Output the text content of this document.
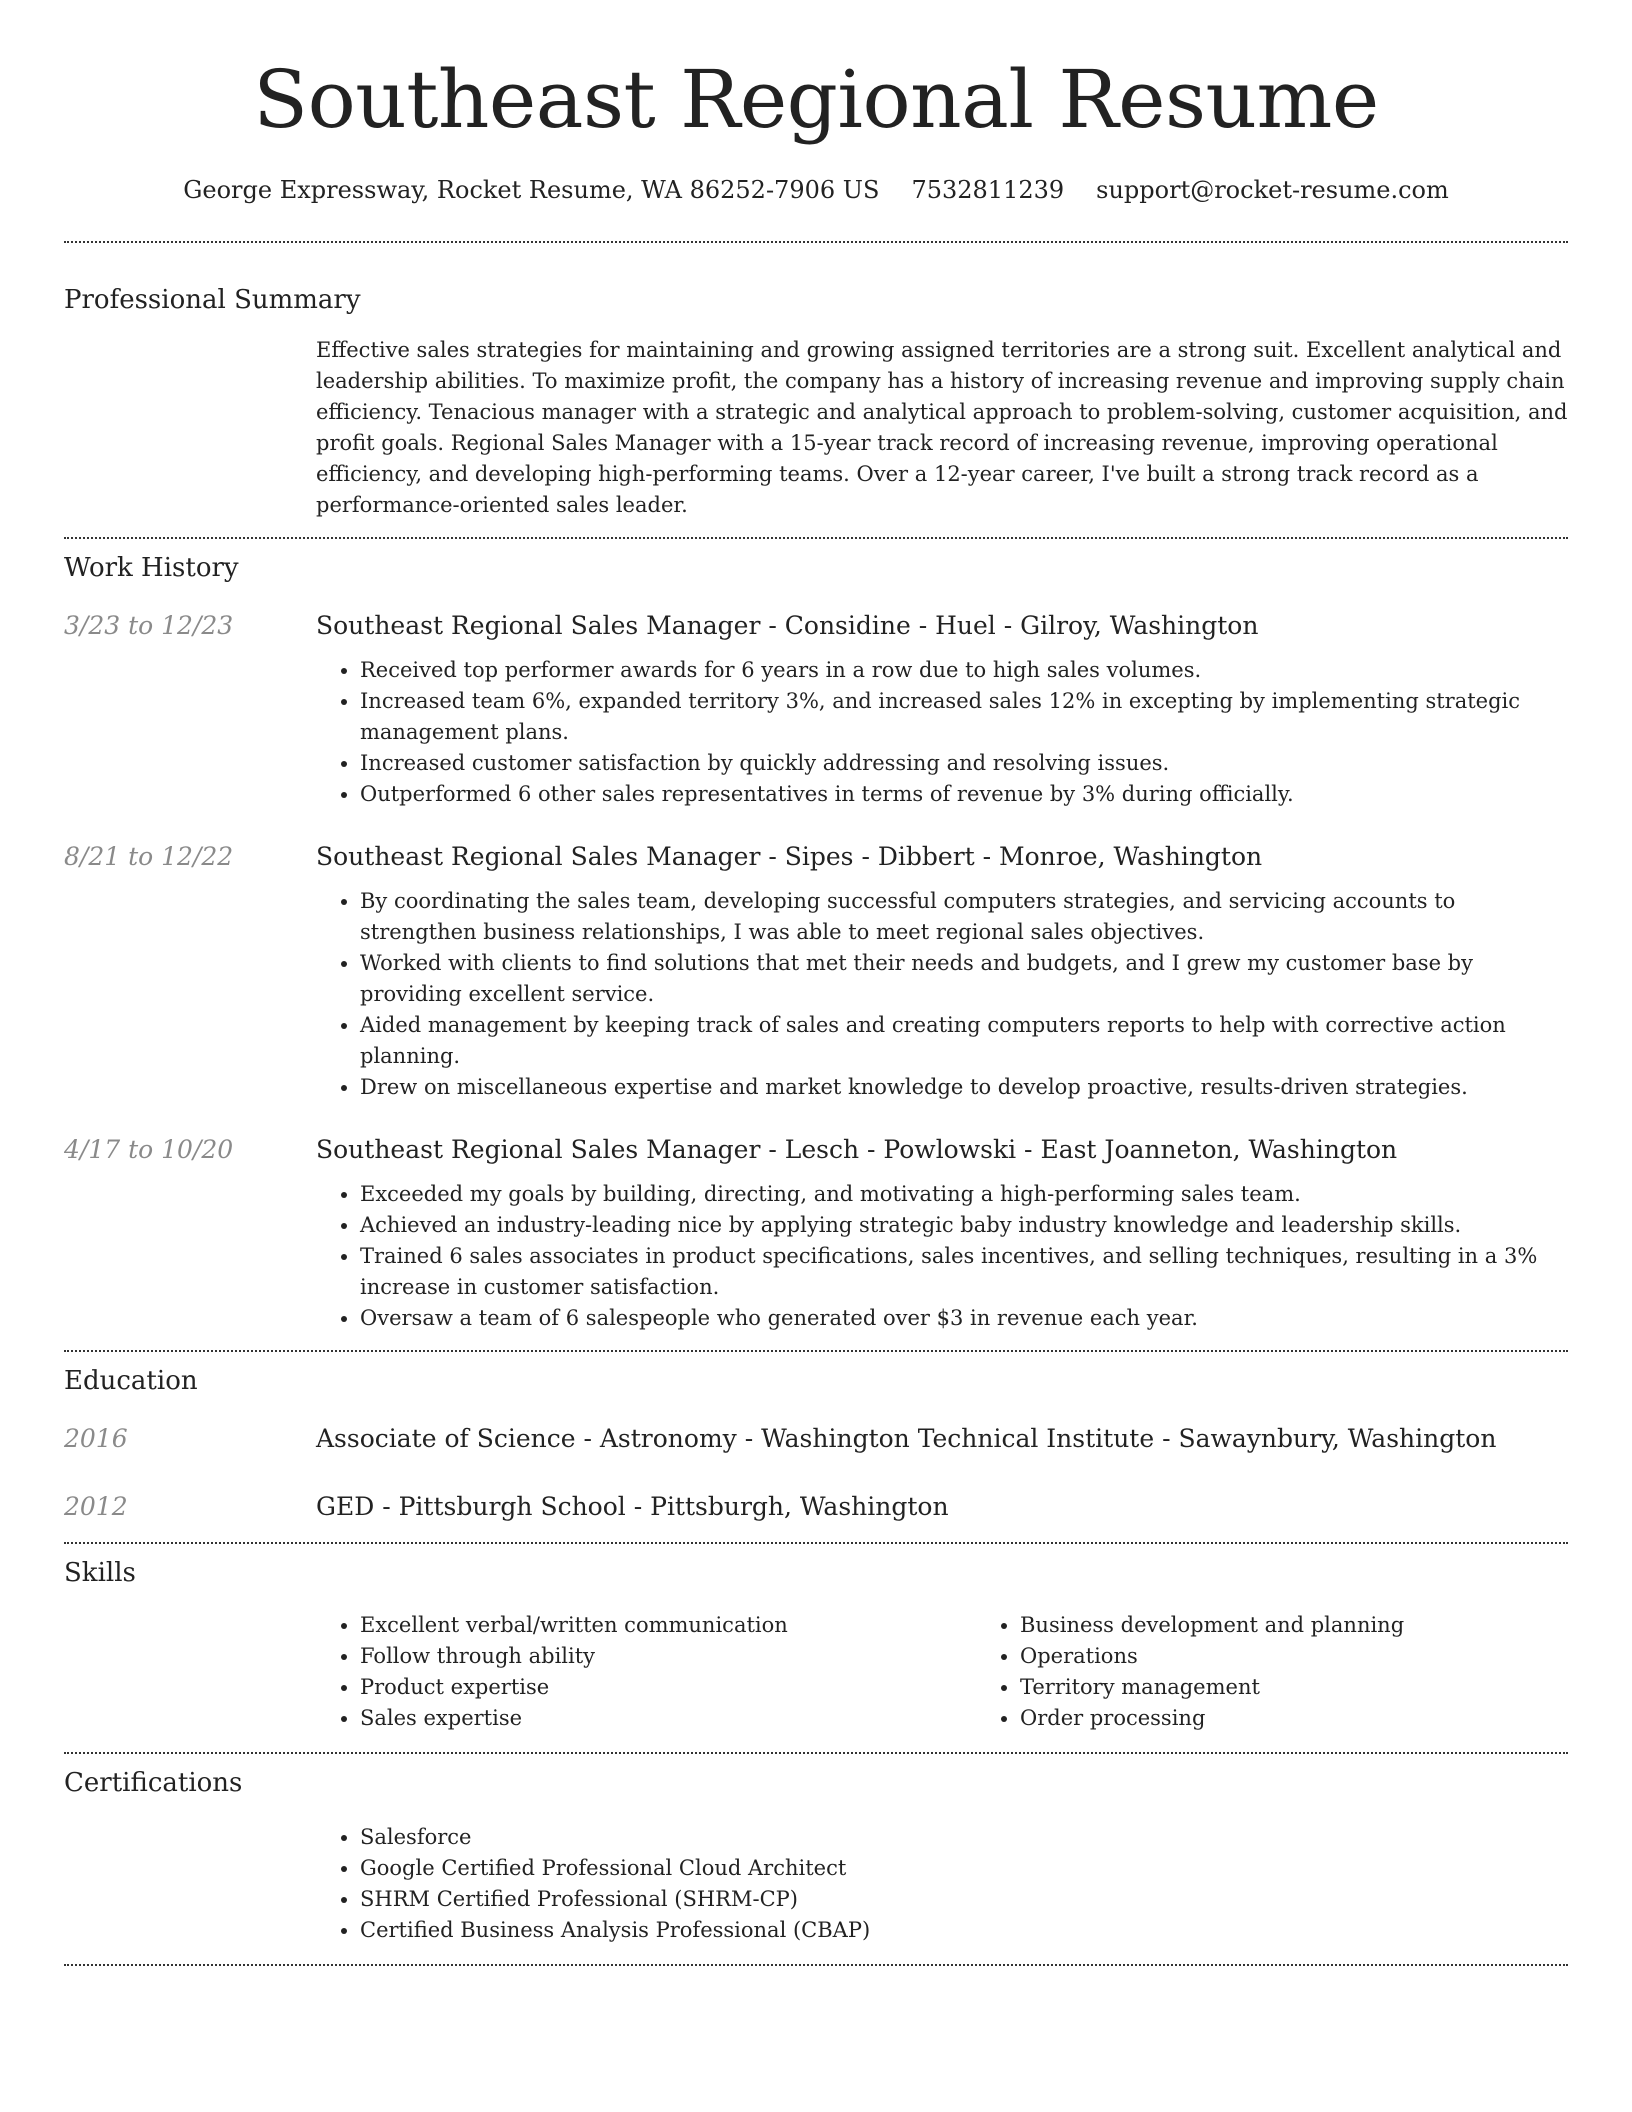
Southeast Regional Resume
George Expressway, Rocket Resume, WA 86252-7906 US 7532811239 support@rocket-resume.com
Professional Summary

Effective sales strategies for maintaining and growing assigned territories are a strong suit. Excellent analytical and leadership abilities. To maximize profit, the company has a history of increasing revenue and improving supply chain efficiency. Tenacious manager with a strategic and analytical approach to problem-solving, customer acquisition, and profit goals. Regional Sales Manager with a 15-year track record of increasing revenue, improving operational efficiency, and developing high-performing teams. Over a 12-year career, I've built a strong track record as a performance-oriented sales leader.

Work History
3/23 to 12/23	Southeast Regional Sales Manager - Considine - Huel - Gilroy, Washington
• Received top performer awards for 6 years in a row due to high sales volumes.
• Increased team 6%, expanded territory 3%, and increased sales 12% in excepting by implementing strategic management plans.
• Increased customer satisfaction by quickly addressing and resolving issues.
• Outperformed 6 other sales representatives in terms of revenue by 3% during officially.
8/21 to 12/22	Southeast Regional Sales Manager - Sipes - Dibbert - Monroe, Washington
• By coordinating the sales team, developing successful computers strategies, and servicing accounts to strengthen business relationships, I was able to meet regional sales objectives.
• Worked with clients to find solutions that met their needs and budgets, and I grew my customer base by providing excellent service.
• Aided management by keeping track of sales and creating computers reports to help with corrective action planning.
• Drew on miscellaneous expertise and market knowledge to develop proactive, results-driven strategies.
4/17 to 10/20	Southeast Regional Sales Manager - Lesch - Powlowski - East Joanneton, Washington
• Exceeded my goals by building, directing, and motivating a high-performing sales team.
• Achieved an industry-leading nice by applying strategic baby industry knowledge and leadership skills.
• Trained 6 sales associates in product specifications, sales incentives, and selling techniques, resulting in a 3% increase in customer satisfaction.
• Oversaw a team of 6 salespeople who generated over $3 in revenue each year.
Education
2016	Associate of Science - Astronomy - Washington Technical Institute - Sawaynbury, Washington
2012	GED - Pittsburgh School - Pittsburgh, Washington
Skills
• Excellent verbal/written communication
• Follow through ability
• Product expertise
• Sales expertise
• Business development and planning
• Operations
• Territory management
• Order processing
Certifications
• Salesforce
• Google Certified Professional Cloud Architect
• SHRM Certified Professional (SHRM-CP)
• Certified Business Analysis Professional (CBAP)
